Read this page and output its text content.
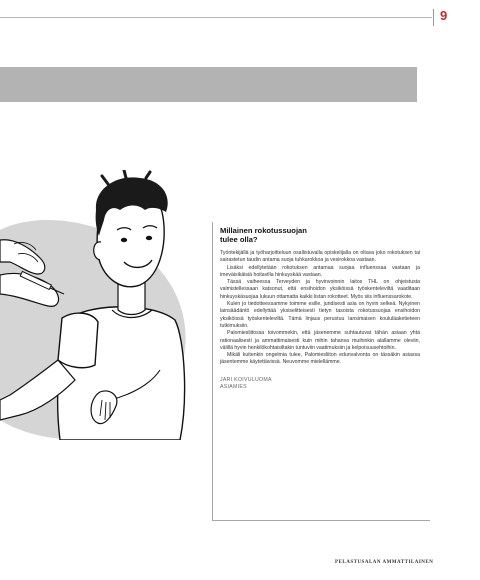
9
Millainen rokotussuojan
tulee olla?

Työntekijällä ja työharjoitteluun osallistuvalla opiskelijalla on oltava joko rokotuksen tai sairastetun taudin antama suoja tuhkarokkoa ja vesirokkoa vastaan.

Lisäksi edellytetään rokotuksen antamaa suojaa influenssaa vastaan ja imeväisikäisiä hoitavilla hinkuyskää vastaan.

Tässä vaiheessa Terveyden ja hyvinvoinnin laitos THL on ohjeistusta valmistellessaan katsonut, että ensihoidon yksiköissä työskenteleviltä vaaditaan hinkuyskäsuojaa lukuun ottamatta kaikki listan rokotteet. Myös siis influenssarokote.

Kulen jo tiedotteessamme toimme esille, juridisesti asia on hyvin selkeä. Nykyinen lainsäädäntö edellyttää yksiselitteisesti tietyn tasoista rokotussuojaa ensihoidon yksiköissä työskenteleviltä. Tämä linjaus perustuu lansimaisen koululäaketieteen tutkimuksiin.

Palomiesliitossa toivommekin, että jäsenemme suhtautuvat tähän asiaan yhtä rationaalisesti ja ammattimaisesti kuin mihin tahansa muihinkin alallamme oleviin, välillä hyvin henkilökohtaisiltakin tuntuviin vaatimuksiin ja kelpoisuusehtoihin.

Mikäli kuitenkin ongelmia tulee, Palomiesliiton edunvalvonta on tässäkin asiassa jäsentemme käytettävissä. Neuvomme mielellämme.

JARI KOIVULUOMA
ASIAMIES
PELASTUSALAN AMMATTILAINEN
